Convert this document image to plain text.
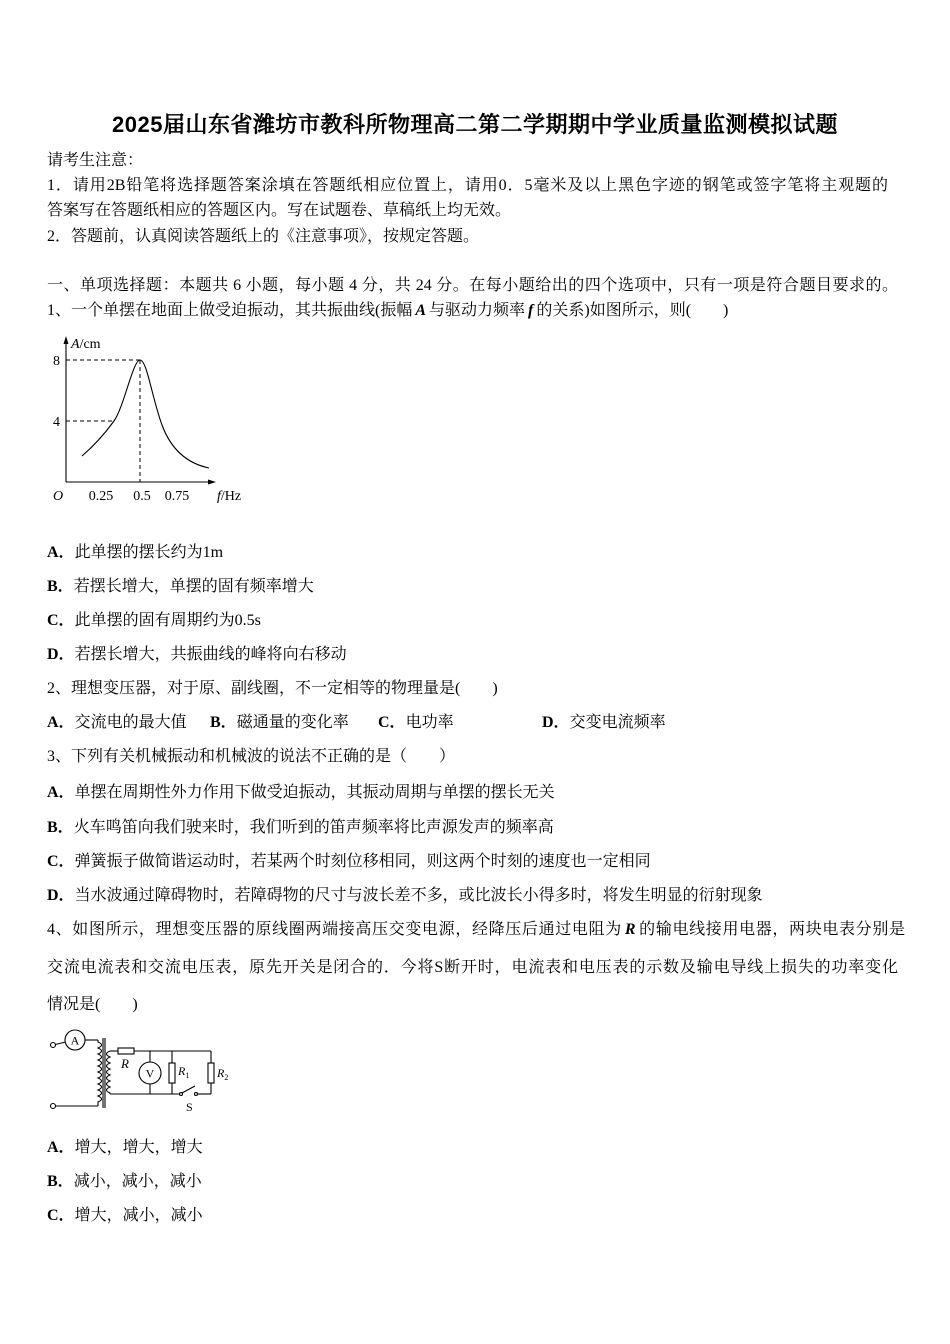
2025届山东省潍坊市教科所物理高二第二学期期中学业质量监测模拟试题
请考生注意：
1．请用2B铅笔将选择题答案涂填在答题纸相应位置上，请用0．5毫米及以上黑色字迹的钢笔或签字笔将主观题的
答案写在答题纸相应的答题区内。写在试题卷、草稿纸上均无效。
2．答题前，认真阅读答题纸上的《注意事项》，按规定答题。
一、单项选择题：本题共 6 小题，每小题 4 分，共 24 分。在每小题给出的四个选项中，只有一项是符合题目要求的。
1、一个单摆在地面上做受迫振动，其共振曲线(振幅 A 与驱动力频率 f 的关系)如图所示，则(　　)
A/cm
8
4
O 0.25 0.5 0.75 f/Hz
A．此单摆的摆长约为1m
B．若摆长增大，单摆的固有频率增大
C．此单摆的固有周期约为0.5s
D．若摆长增大，共振曲线的峰将向右移动
2、理想变压器，对于原、副线圈，不一定相等的物理量是(　　)
A．交流电的最大值 B．磁通量的变化率 C．电功率	D．交变电流频率
3、下列有关机械振动和机械波的说法不正确的是（　　）
A．单摆在周期性外力作用下做受迫振动，其振动周期与单摆的摆长无关
B．火车鸣笛向我们驶来时，我们听到的笛声频率将比声源发声的频率高
C．弹簧振子做简谐运动时，若某两个时刻位移相同，则这两个时刻的速度也一定相同
D．当水波通过障碍物时，若障碍物的尺寸与波长差不多，或比波长小得多时，将发生明显的衍射现象
4、如图所示，理想变压器的原线圈两端接高压交变电源，经降压后通过电阻为 R 的输电线接用电器，两块电表分别是
交流电流表和交流电压表，原先开关是闭合的．今将S断开时，电流表和电压表的示数及输电导线上损失的功率变化
情况是(　　)
A
R
V $R_1$ $R_2$
S
A．增大，增大，增大
B．减小，减小，减小
C．增大，减小，减小
